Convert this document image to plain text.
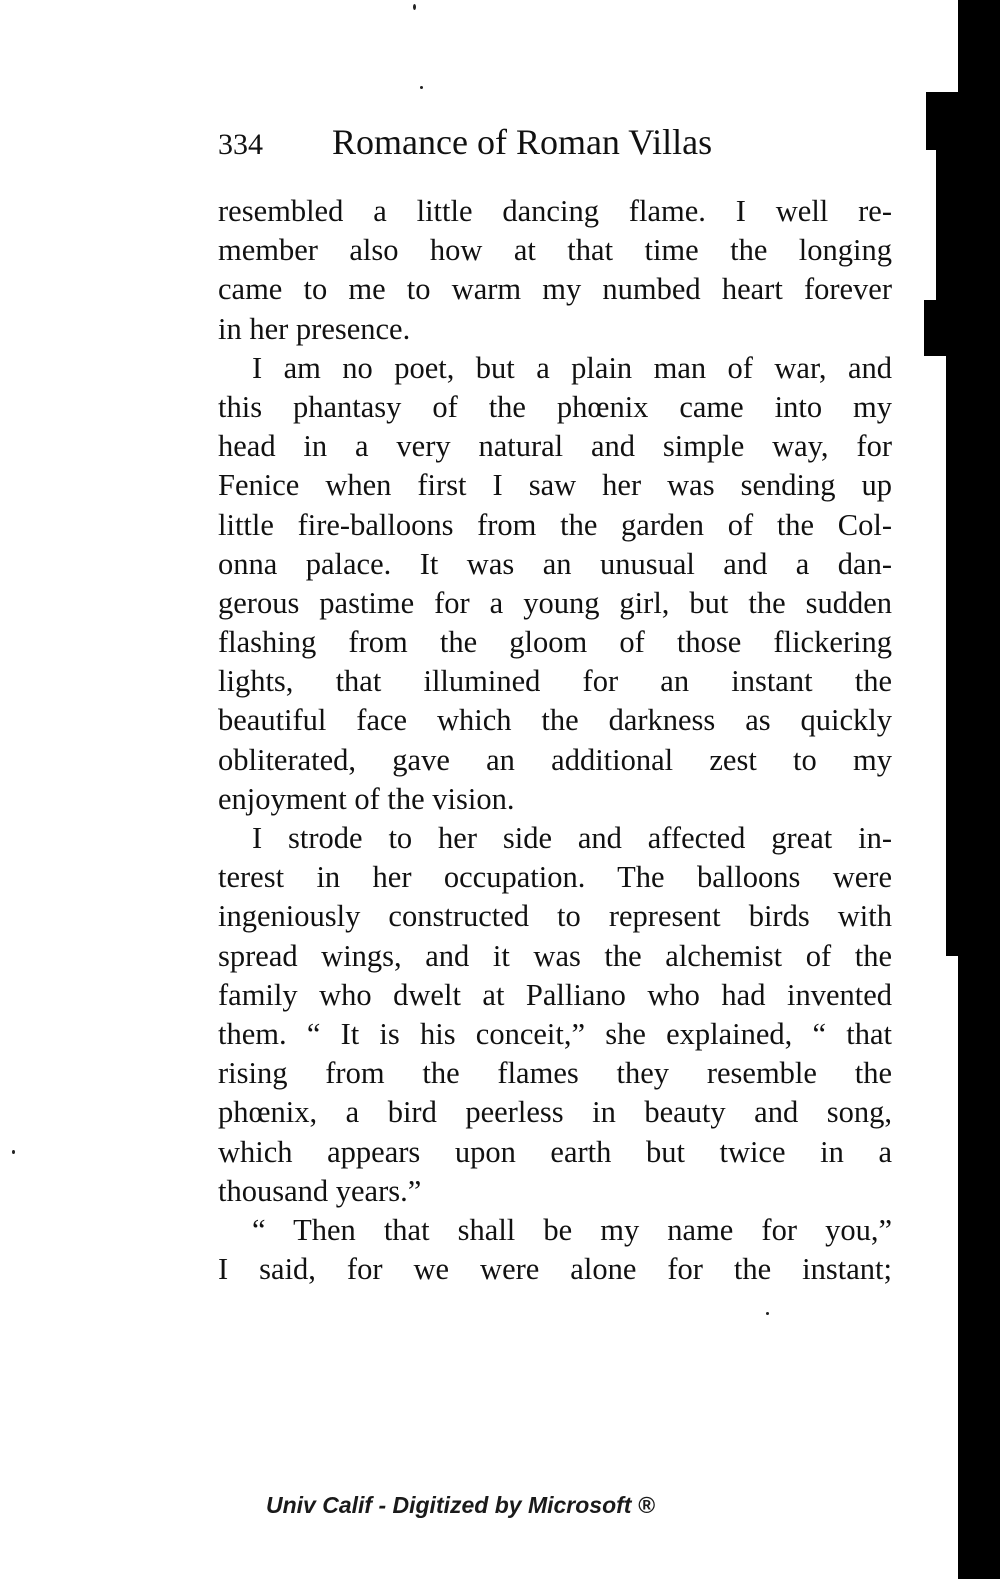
334 Romance of Roman Villas
resembled a little dancing flame. I well re-
member also how at that time the longing
came to me to warm my numbed heart forever
in her presence.
I am no poet, but a plain man of war, and
this phantasy of the phœnix came into my
head in a very natural and simple way, for
Fenice when first I saw her was sending up
little fire-balloons from the garden of the Col-
onna palace. It was an unusual and a dan-
gerous pastime for a young girl, but the sudden
flashing from the gloom of those flickering
lights, that illumined for an instant the
beautiful face which the darkness as quickly
obliterated, gave an additional zest to my
enjoyment of the vision.
I strode to her side and affected great in-
terest in her occupation. The balloons were
ingeniously constructed to represent birds with
spread wings, and it was the alchemist of the
family who dwelt at Palliano who had invented
them. “ It is his conceit,” she explained, “ that
rising from the flames they resemble the
phœnix, a bird peerless in beauty and song,
which appears upon earth but twice in a
thousand years.”
“ Then that shall be my name for you,”
I said, for we were alone for the instant;
Univ Calif - Digitized by Microsoft ®
